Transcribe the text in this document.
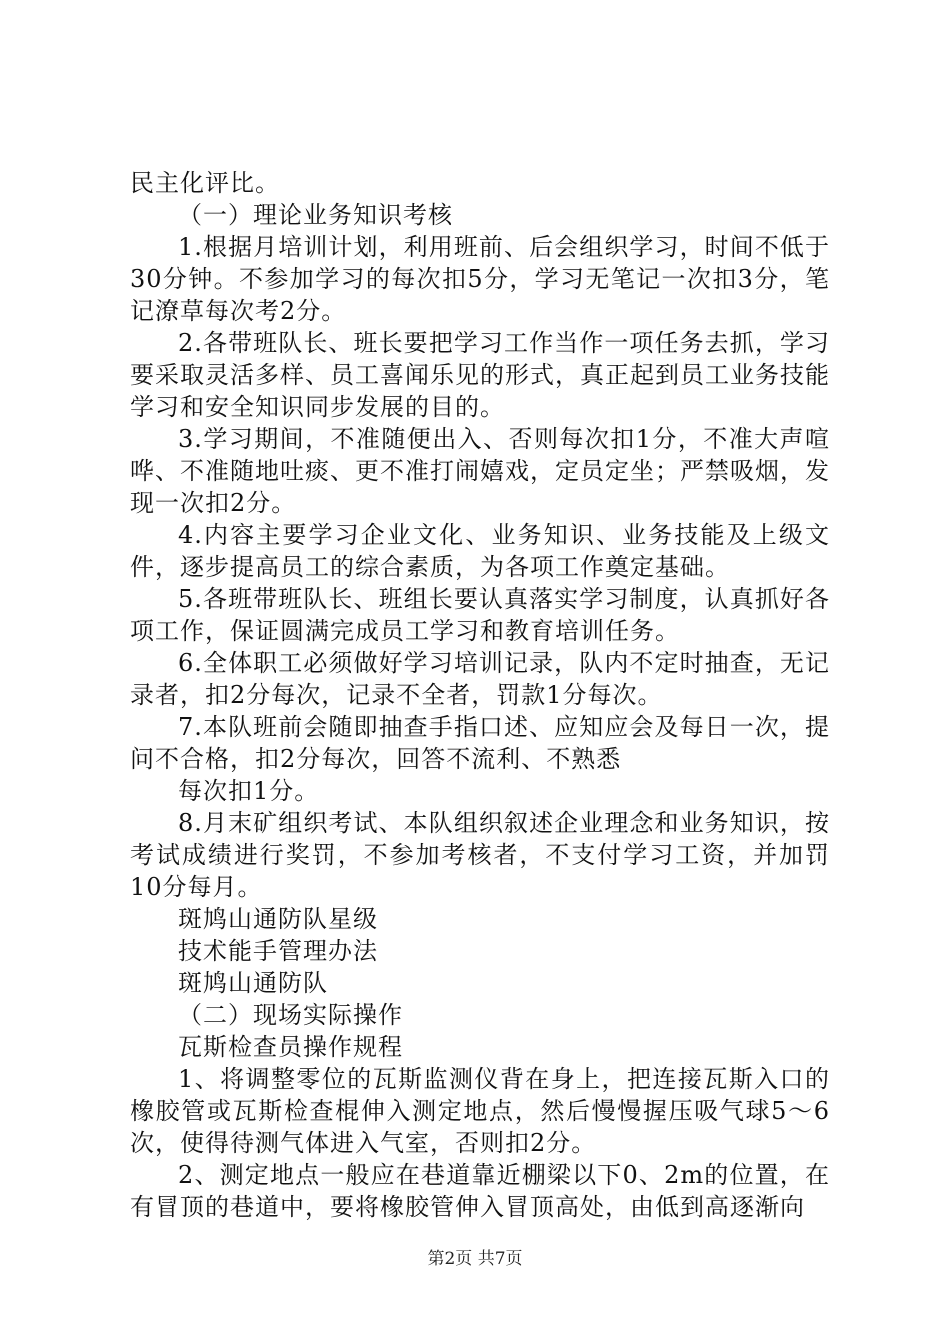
民主化评比。

（一）理论业务知识考核

1.根据月培训计划，利用班前、后会组织学习，时间不低于30分钟。不参加学习的每次扣5分，学习无笔记一次扣3分，笔记潦草每次考2分。

2.各带班队长、班长要把学习工作当作一项任务去抓，学习要采取灵活多样、员工喜闻乐见的形式，真正起到员工业务技能学习和安全知识同步发展的目的。

3.学习期间，不准随便出入、否则每次扣1分，不准大声喧哗、不准随地吐痰、更不准打闹嬉戏，定员定坐；严禁吸烟，发现一次扣2分。

4.内容主要学习企业文化、业务知识、业务技能及上级文件，逐步提高员工的综合素质，为各项工作奠定基础。

5.各班带班队长、班组长要认真落实学习制度，认真抓好各项工作，保证圆满完成员工学习和教育培训任务。

6.全体职工必须做好学习培训记录，队内不定时抽查，无记录者，扣2分每次，记录不全者，罚款1分每次。

7.本队班前会随即抽查手指口述、应知应会及每日一次，提问不合格，扣2分每次，回答不流利、不熟悉

每次扣1分。

8.月末矿组织考试、本队组织叙述企业理念和业务知识，按考试成绩进行奖罚，不参加考核者，不支付学习工资，并加罚10分每月。

斑鸠山通防队星级

技术能手管理办法

斑鸠山通防队

（二）现场实际操作

瓦斯检查员操作规程

1、将调整零位的瓦斯监测仪背在身上，把连接瓦斯入口的橡胶管或瓦斯检查棍伸入测定地点，然后慢慢握压吸气球5～6次，使得待测气体进入气室，否则扣2分。

2、测定地点一般应在巷道靠近棚梁以下0、2m的位置，在有冒顶的巷道中，要将橡胶管伸入冒顶高处，由低到高逐渐向

第2页 共7页
